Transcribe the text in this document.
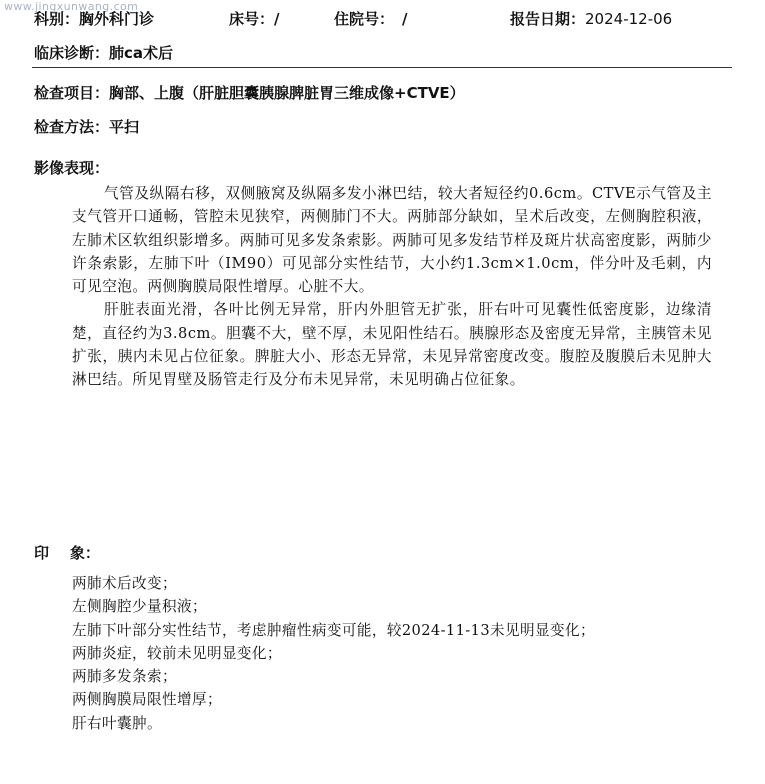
www.jingxunwang.com
科别：胸外科门诊	床号：/	住院号： /	报告日期：2024-12-06
临床诊断：肺ca术后
检查项目：胸部、上腹（肝脏胆囊胰腺脾脏胃三维成像+CTVE）
检查方法：平扫
影像表现：

气管及纵隔右移，双侧腋窝及纵隔多发小淋巴结，较大者短径约0.6cm。CTVE示气管及主支气管开口通畅，管腔未见狭窄，两侧肺门不大。两肺部分缺如，呈术后改变，左侧胸腔积液，左肺术区软组织影增多。两肺可见多发条索影。两肺可见多发结节样及斑片状高密度影，两肺少许条索影，左肺下叶（IM90）可见部分实性结节，大小约1.3cm×1.0cm，伴分叶及毛刺，内可见空泡。两侧胸膜局限性增厚。心脏不大。

肝脏表面光滑，各叶比例无异常，肝内外胆管无扩张，肝右叶可见囊性低密度影，边缘清楚，直径约为3.8cm。胆囊不大，壁不厚，未见阳性结石。胰腺形态及密度无异常，主胰管未见扩张，胰内未见占位征象。脾脏大小、形态无异常，未见异常密度改变。腹腔及腹膜后未见肿大淋巴结。所见胃壁及肠管走行及分布未见异常，未见明确占位征象。

印    象：
两肺术后改变；
左侧胸腔少量积液；
左肺下叶部分实性结节，考虑肿瘤性病变可能，较2024-11-13未见明显变化；
两肺炎症，较前未见明显变化；
两肺多发条索；
两侧胸膜局限性增厚；
肝右叶囊肿。
